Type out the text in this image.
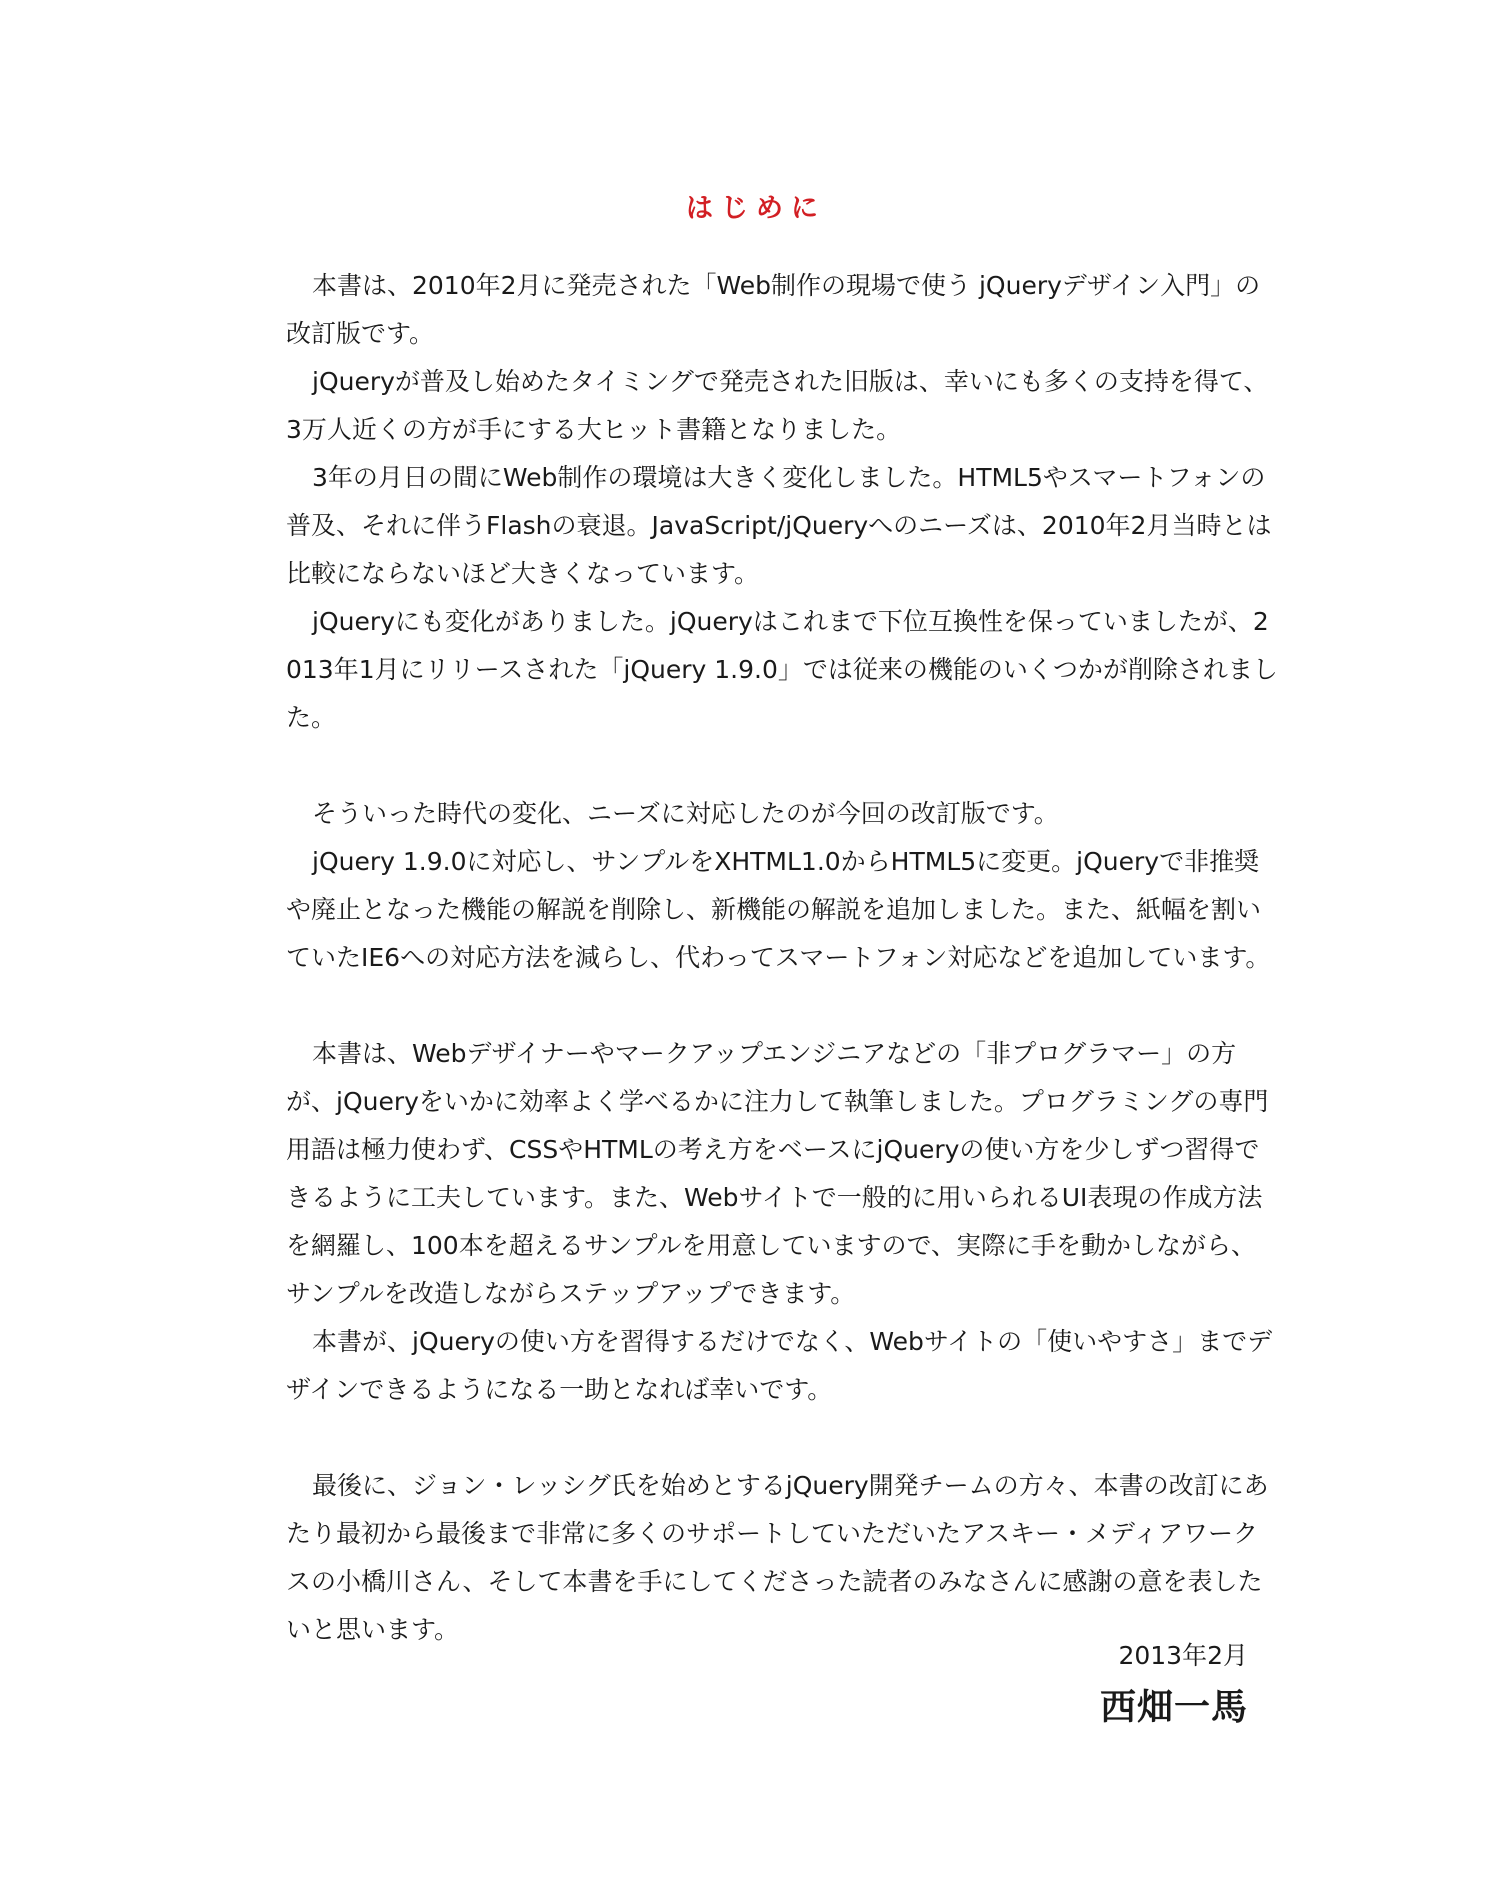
はじめに

本書は、2010年2月に発売された「Web制作の現場で使う jQueryデザイン入門」の改訂版です。

jQueryが普及し始めたタイミングで発売された旧版は、幸いにも多くの支持を得て、3万人近くの方が手にする大ヒット書籍となりました。

3年の月日の間にWeb制作の環境は大きく変化しました。HTML5やスマートフォンの普及、それに伴うFlashの衰退。JavaScript/jQueryへのニーズは、2010年2月当時とは比較にならないほど大きくなっています。

jQueryにも変化がありました。jQueryはこれまで下位互換性を保っていましたが、2013年1月にリリースされた「jQuery 1.9.0」では従来の機能のいくつかが削除されました。

そういった時代の変化、ニーズに対応したのが今回の改訂版です。

jQuery 1.9.0に対応し、サンプルをXHTML1.0からHTML5に変更。jQueryで非推奨や廃止となった機能の解説を削除し、新機能の解説を追加しました。また、紙幅を割いていたIE6への対応方法を減らし、代わってスマートフォン対応などを追加しています。

本書は、Webデザイナーやマークアップエンジニアなどの「非プログラマー」の方が、jQueryをいかに効率よく学べるかに注力して執筆しました。プログラミングの専門用語は極力使わず、CSSやHTMLの考え方をベースにjQueryの使い方を少しずつ習得できるように工夫しています。また、Webサイトで一般的に用いられるUI表現の作成方法を網羅し、100本を超えるサンプルを用意していますので、実際に手を動かしながら、サンプルを改造しながらステップアップできます。

本書が、jQueryの使い方を習得するだけでなく、Webサイトの「使いやすさ」までデザインできるようになる一助となれば幸いです。

最後に、ジョン・レッシグ氏を始めとするjQuery開発チームの方々、本書の改訂にあたり最初から最後まで非常に多くのサポートしていただいたアスキー・メディアワークスの小橋川さん、そして本書を手にしてくださった読者のみなさんに感謝の意を表したいと思います。

2013年2月
西畑一馬
